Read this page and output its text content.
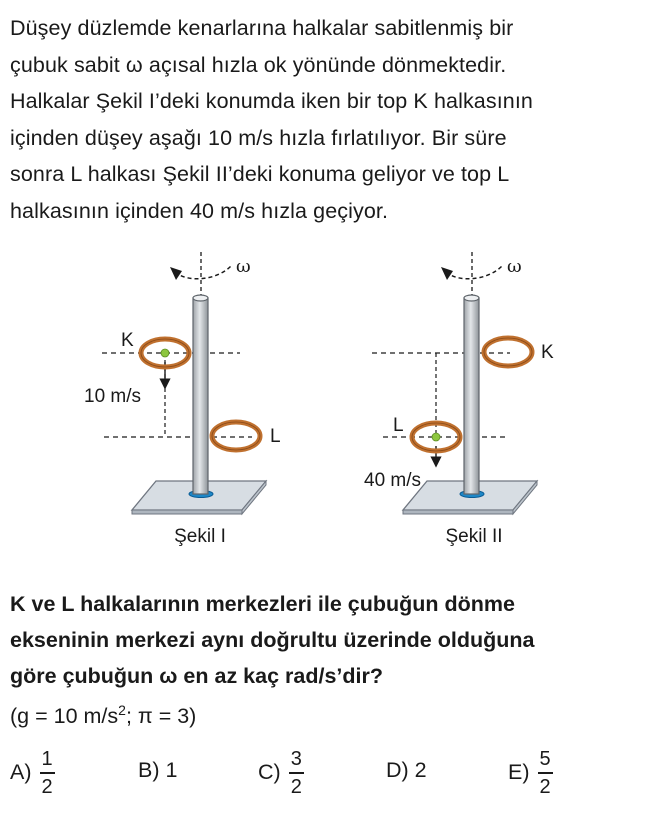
Düşey düzlemde kenarlarına halkalar sabitlenmiş bir
çubuk sabit ω açısal hızla ok yönünde dönmektedir.
Halkalar Şekil I’deki konumda iken bir top K halkasının
içinden düşey aşağı 10 m/s hızla fırlatılıyor. Bir süre
sonra L halkası Şekil II’deki konuma geliyor ve top L
halkasının içinden 40 m/s hızla geçiyor.
ω
K
L
10 m/s
Şekil I
ω
K
L
40 m/s
Şekil II
K ve L halkalarının merkezleri ile çubuğun dönme
ekseninin merkezi aynı doğrultu üzerinde olduğuna
göre çubuğun ω en az kaç rad/s’dir?
(g = 10 $m/s^2$; π = 3)
$A) \frac{1}{2}$	B)
1	$C) \frac{3}{2}$	D)
2	$E) \frac{5}{2}$
